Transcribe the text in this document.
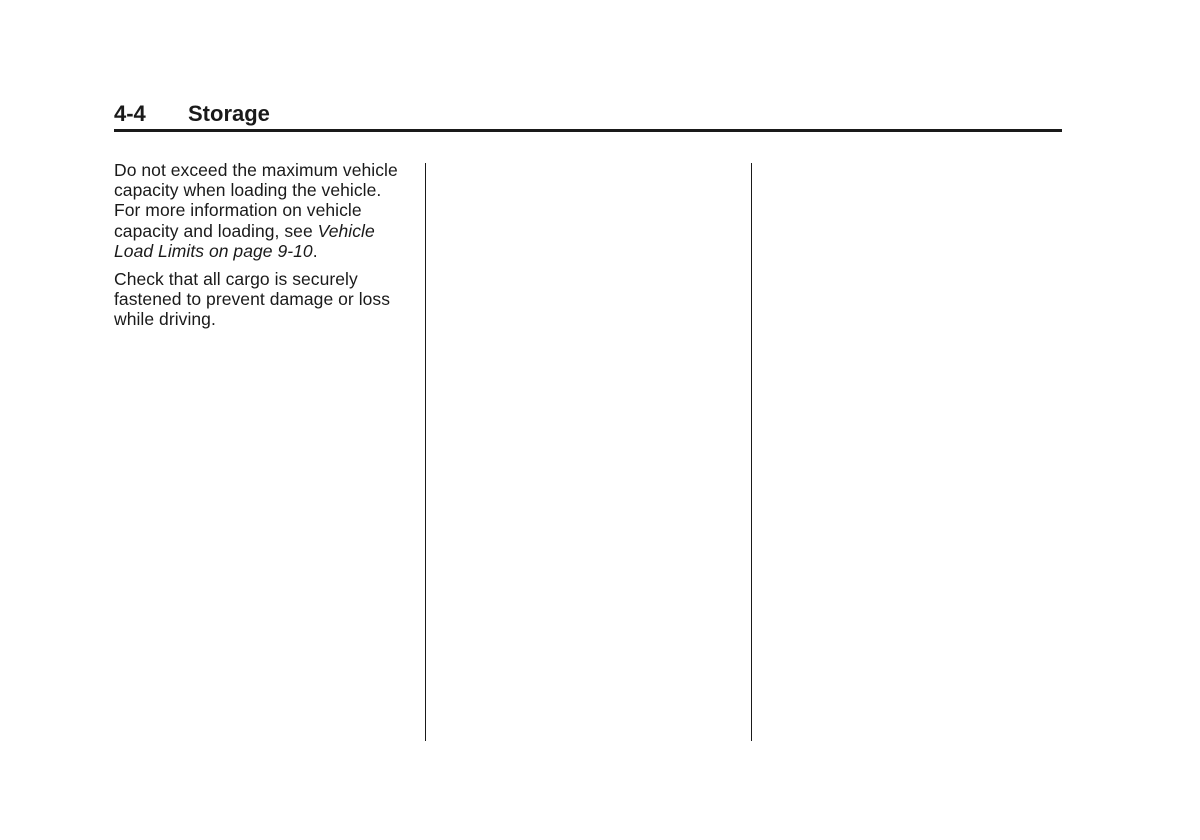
4-4 Storage

Do not exceed the maximum vehicle
capacity when loading the vehicle.
For more information on vehicle
capacity and loading, see Vehicle
Load Limits on page 9-10.

Check that all cargo is securely
fastened to prevent damage or loss
while driving.
